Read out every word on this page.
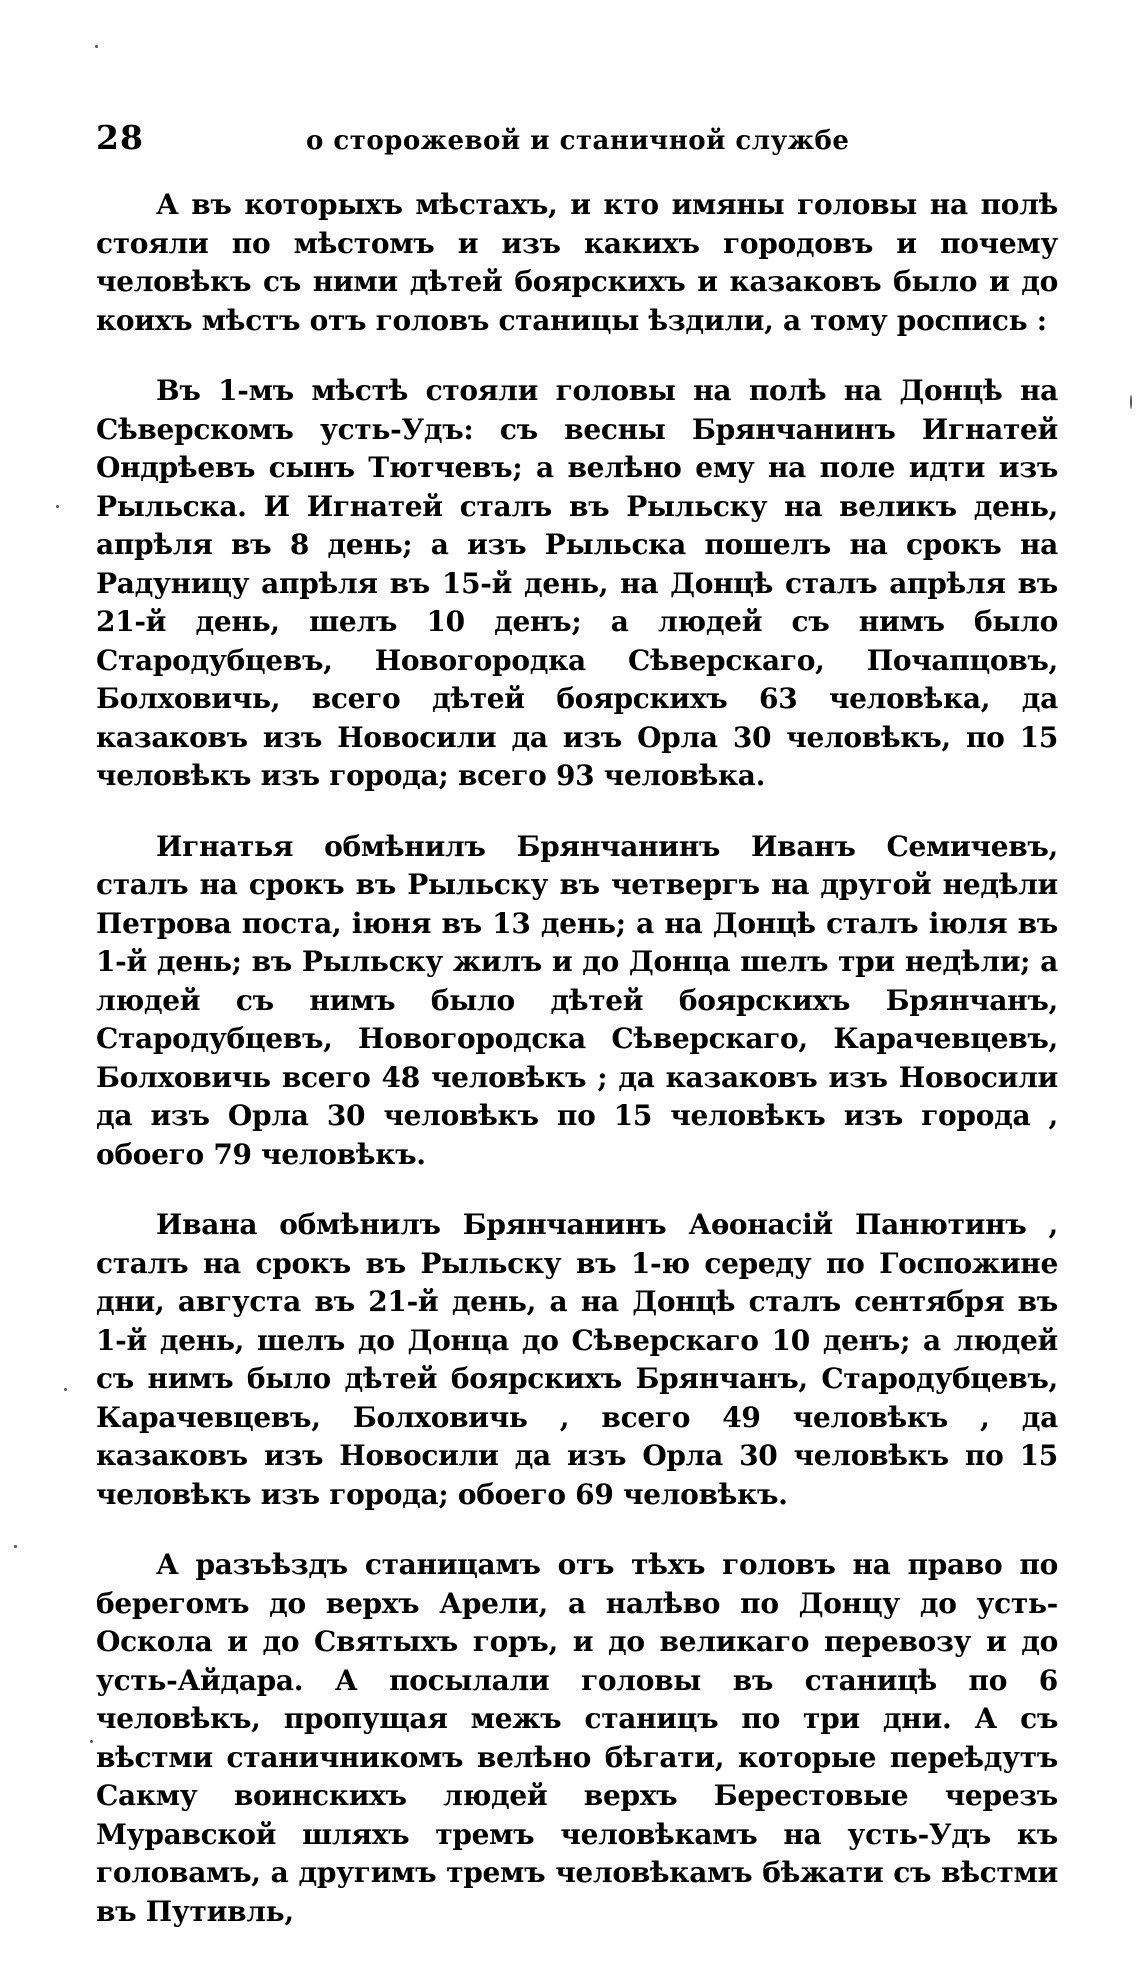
28	о сторожевой и станичной службе

А въ которыхъ мѣстахъ, и кто имяны головы на полѣ стояли по мѣстомъ и изъ какихъ городовъ и почему человѣкъ съ ними дѣтей боярскихъ и казаковъ было и до коихъ мѣстъ отъ головъ станицы ѣздили, а тому роспись :

Въ 1-мъ мѣстѣ стояли головы на полѣ на Донцѣ на Сѣверскомъ усть-Удъ: съ весны Брянчанинъ Игнатей Ондрѣевъ сынъ Тютчевъ; а велѣно ему на поле идти изъ Рыльска. И Игнатей сталъ въ Рыльску на великъ день, апрѣля въ 8 день; а изъ Рыльска пошелъ на срокъ на Радуницу апрѣля въ 15-й день, на Донцѣ сталъ апрѣля въ 21-й день, шелъ 10 денъ; а людей съ нимъ было Стародубцевъ, Новогородка Сѣверскаго, Почапцовъ, Болховичь, всего дѣтей боярскихъ 63 человѣка, да казаковъ изъ Новосили да изъ Орла 30 человѣкъ, по 15 человѣкъ изъ города; всего 93 человѣка.

Игнатья обмѣнилъ Брянчанинъ Иванъ Семичевъ, сталъ на срокъ въ Рыльску въ четвергъ на другой недѣли Петрова поста, іюня въ 13 день; а на Донцѣ сталъ іюля въ 1-й день; въ Рыльску жилъ и до Донца шелъ три недѣли; а людей съ нимъ было дѣтей боярскихъ Брянчанъ, Стародубцевъ, Новогородска Сѣверскаго, Карачевцевъ, Болховичь всего 48 человѣкъ ; да казаковъ изъ Новосили да изъ Орла 30 человѣкъ по 15 человѣкъ изъ города , обоего 79 человѣкъ.

Ивана обмѣнилъ Брянчанинъ Аѳонасій Панютинъ , сталъ на срокъ въ Рыльску въ 1-ю середу по Госпожине дни, августа въ 21-й день, а на Донцѣ сталъ сентября въ 1-й день, шелъ до Донца до Сѣверскаго 10 денъ; а людей съ нимъ было дѣтей боярскихъ Брянчанъ, Стародубцевъ, Карачевцевъ, Болховичь , всего 49 человѣкъ , да казаковъ изъ Новосили да изъ Орла 30 человѣкъ по 15 человѣкъ изъ города; обоего 69 человѣкъ.

А разъѣздъ станицамъ отъ тѣхъ головъ на право по берегомъ до верхъ Арели, а налѣво по Донцу до усть-Оскола и до Святыхъ горъ, и до великаго перевозу и до усть-Айдара. А посылали головы въ станицѣ по 6 человѣкъ, пропущая межъ станицъ по три дни. А съ вѣстми станичникомъ велѣно бѣгати, которые переѣдутъ Сакму воинскихъ людей верхъ Берестовые черезъ Муравской шляхъ тремъ человѣкамъ на усть-Удъ къ головамъ, а другимъ тремъ человѣкамъ бѣжати съ вѣстми въ Путивль,
